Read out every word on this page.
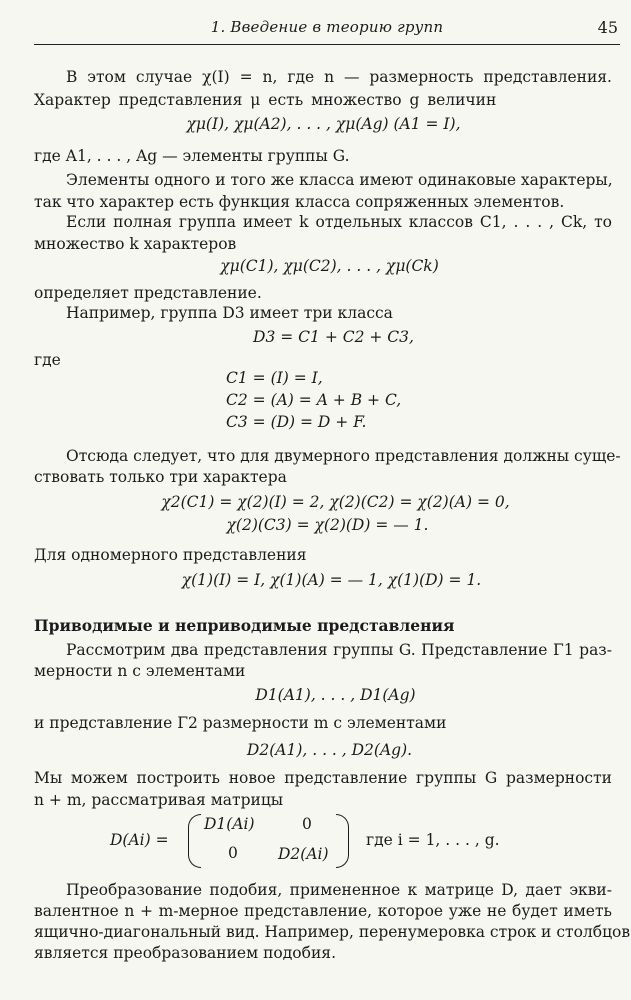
1. Введение в теорию групп	45
В этом случае χ(I) = n, где n — размерность представления.
Характер представления μ есть множество g величин
χμ(I), χμ(A2), . . . , χμ(Ag) (A1 = I),
где A1, . . . , Ag — элементы группы G.
Элементы одного и того же класса имеют одинаковые характеры,
так что характер есть функция класса сопряженных элементов.
Если полная группа имеет k отдельных классов C1, . . . , Ck, то
множество k характеров
χμ(C1), χμ(C2), . . . , χμ(Ck)
определяет представление.
Например, группа D3 имеет три класса
D3 = C1 + C2 + C3,
где
C1 = (I) = I,
C2 = (A) = A + B + C,
C3 = (D) = D + F.
Отсюда следует, что для двумерного представления должны суще-
ствовать только три характера
χ2(C1) = χ(2)(I) = 2, χ(2)(C2) = χ(2)(A) = 0,
χ(2)(C3) = χ(2)(D) = — 1.
Для одномерного представления
χ(1)(I) = I, χ(1)(A) = — 1, χ(1)(D) = 1.
Приводимые и неприводимые представления
Рассмотрим два представления группы G. Представление Γ1 раз-
мерности n с элементами
D1(A1), . . . , D1(Ag)
и представление Γ2 размерности m с элементами
D2(A1), . . . , D2(Ag).
Мы можем построить новое представление группы G размерности
n + m, рассматривая матрицы
D(Ai) =
D1(Ai)	0
0	D2(Ai)
где i = 1, . . . , g.
Преобразование подобия, примененное к матрице D, дает экви-
валентное n + m-мерное представление, которое уже не будет иметь
ящично-диагональный вид. Например, перенумеровка строк и столбцов
является преобразованием подобия.
